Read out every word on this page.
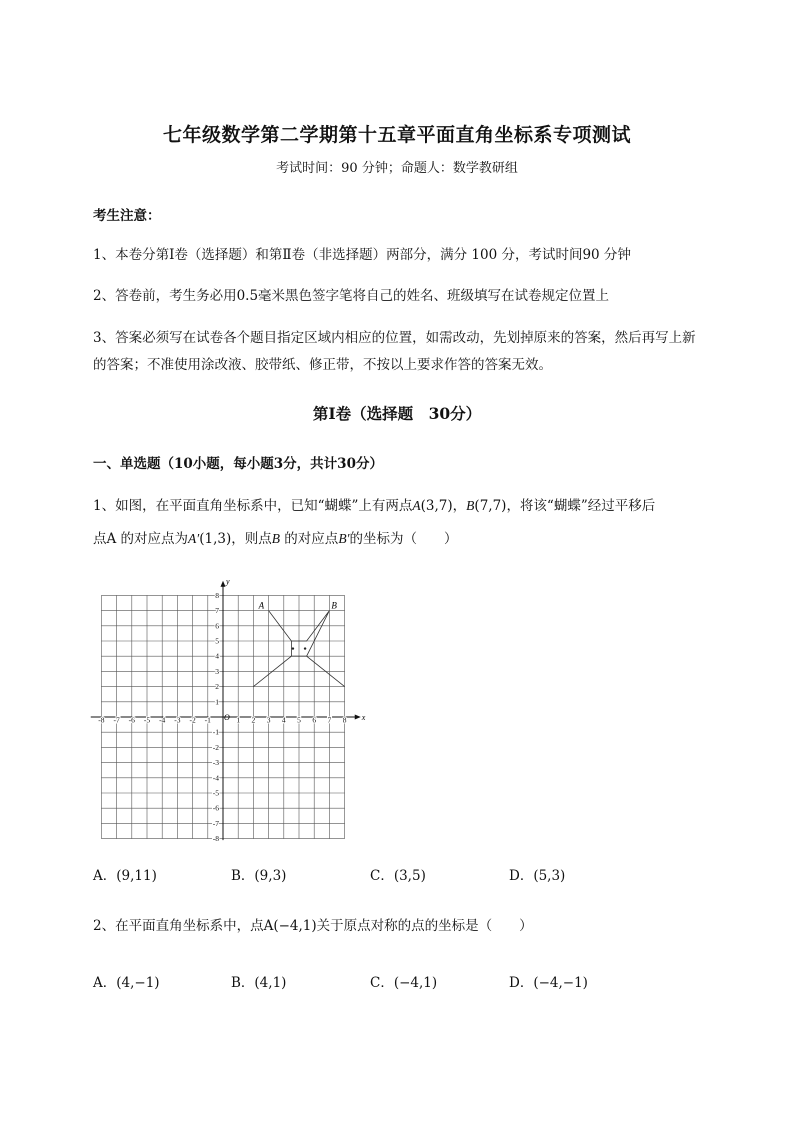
七年级数学第二学期第十五章平面直角坐标系专项测试
考试时间：90 分钟；命题人：数学教研组
考生注意：
1、本卷分第Ⅰ卷（选择题）和第Ⅱ卷（非选择题）两部分，满分 100 分，考试时间90 分钟
2、答卷前，考生务必用0.5毫米黑色签字笔将自己的姓名、班级填写在试卷规定位置上
3、答案必须写在试卷各个题目指定区域内相应的位置，如需改动，先划掉原来的答案，然后再写上新
的答案；不准使用涂改液、胶带纸、修正带，不按以上要求作答的答案无效。
第Ⅰ卷（选择题　30分）
一、单选题（10小题，每小题3分，共计30分）
1、如图，在平面直角坐标系中，已知“蝴蝶”上有两点A(3,7)，B(7,7)，将该“蝴蝶”经过平移后
点A 的对应点为A′(1,3)，则点B 的对应点B′的坐标为（　　）
-8 -7 -6 -5 -4 -3 -2 -1	1 2 3 4 5 6 7 8
8
7
6
5
4
3
2
1
-1
-2
-3
-4
-5
-6
-7
-8
A	B
x
y
O
A．(9,11)	B．(9,3)	C．(3,5)	D．(5,3)
2、在平面直角坐标系中，点A(−4,1)关于原点对称的点的坐标是（　　）
A．(4,−1)	B．(4,1)	C．(−4,1)	D．(−4,−1)
